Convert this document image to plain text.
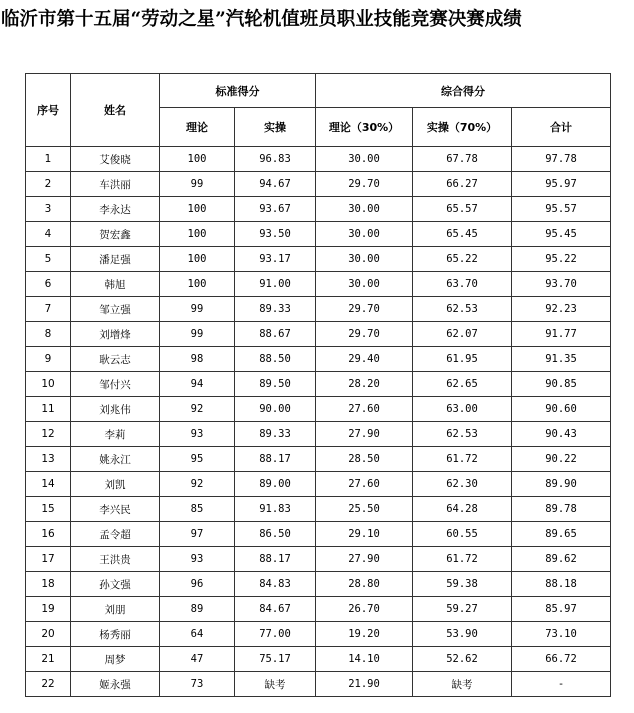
临沂市第十五届“劳动之星”汽轮机值班员职业技能竞赛决赛成绩
序号	姓名	标准得分		综合得分		
		理论	实操	理论（30%）	实操（70%）	合计
1	艾俊晓	100	96.83	30.00	67.78	97.78
2	车洪丽	99	94.67	29.70	66.27	95.97
3	李永达	100	93.67	30.00	65.57	95.57
4	贺宏鑫	100	93.50	30.00	65.45	95.45
5	潘足强	100	93.17	30.00	65.22	95.22
6	韩旭	100	91.00	30.00	63.70	93.70
7	邹立强	99	89.33	29.70	62.53	92.23
8	刘增烽	99	88.67	29.70	62.07	91.77
9	耿云志	98	88.50	29.40	61.95	91.35
10	邹付兴	94	89.50	28.20	62.65	90.85
11	刘兆伟	92	90.00	27.60	63.00	90.60
12	李莉	93	89.33	27.90	62.53	90.43
13	姚永江	95	88.17	28.50	61.72	90.22
14	刘凯	92	89.00	27.60	62.30	89.90
15	李兴民	85	91.83	25.50	64.28	89.78
16	孟令超	97	86.50	29.10	60.55	89.65
17	王洪贵	93	88.17	27.90	61.72	89.62
18	孙文强	96	84.83	28.80	59.38	88.18
19	刘朋	89	84.67	26.70	59.27	85.97
20	杨秀丽	64	77.00	19.20	53.90	73.10
21	周梦	47	75.17	14.10	52.62	66.72
22	姬永强	73	缺考	21.90	缺考	-
